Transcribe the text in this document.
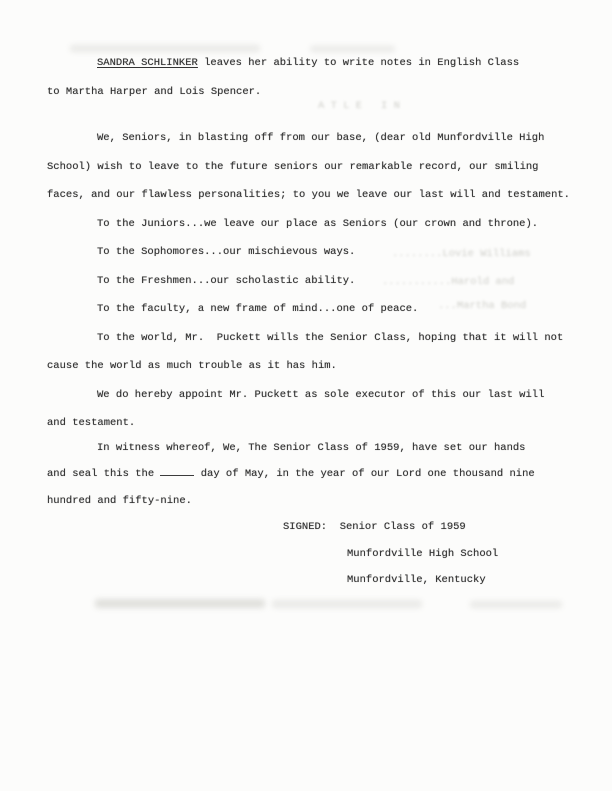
A T L E   I N
........Lovie Williams
...........Harold and
...Martha Bond
SANDRA SCHLINKER leaves her ability to write notes in English Class
to Martha Harper and Lois Spencer.
We, Seniors, in blasting off from our base, (dear old Munfordville High
School) wish to leave to the future seniors our remarkable record, our smiling
faces, and our flawless personalities; to you we leave our last will and testament.
To the Juniors...we leave our place as Seniors (our crown and throne).
To the Sophomores...our mischievous ways.
To the Freshmen...our scholastic ability.
To the faculty, a new frame of mind...one of peace.
To the world, Mr.  Puckett wills the Senior Class, hoping that it will not
cause the world as much trouble as it has him.
We do hereby appoint Mr. Puckett as sole executor of this our last will
and testament.
In witness whereof, We, The Senior Class of 1959, have set our hands
and seal this the	day of May, in the year of our Lord one thousand nine
hundred and fifty-nine.
SIGNED:  Senior Class of 1959
Munfordville High School
Munfordville, Kentucky
